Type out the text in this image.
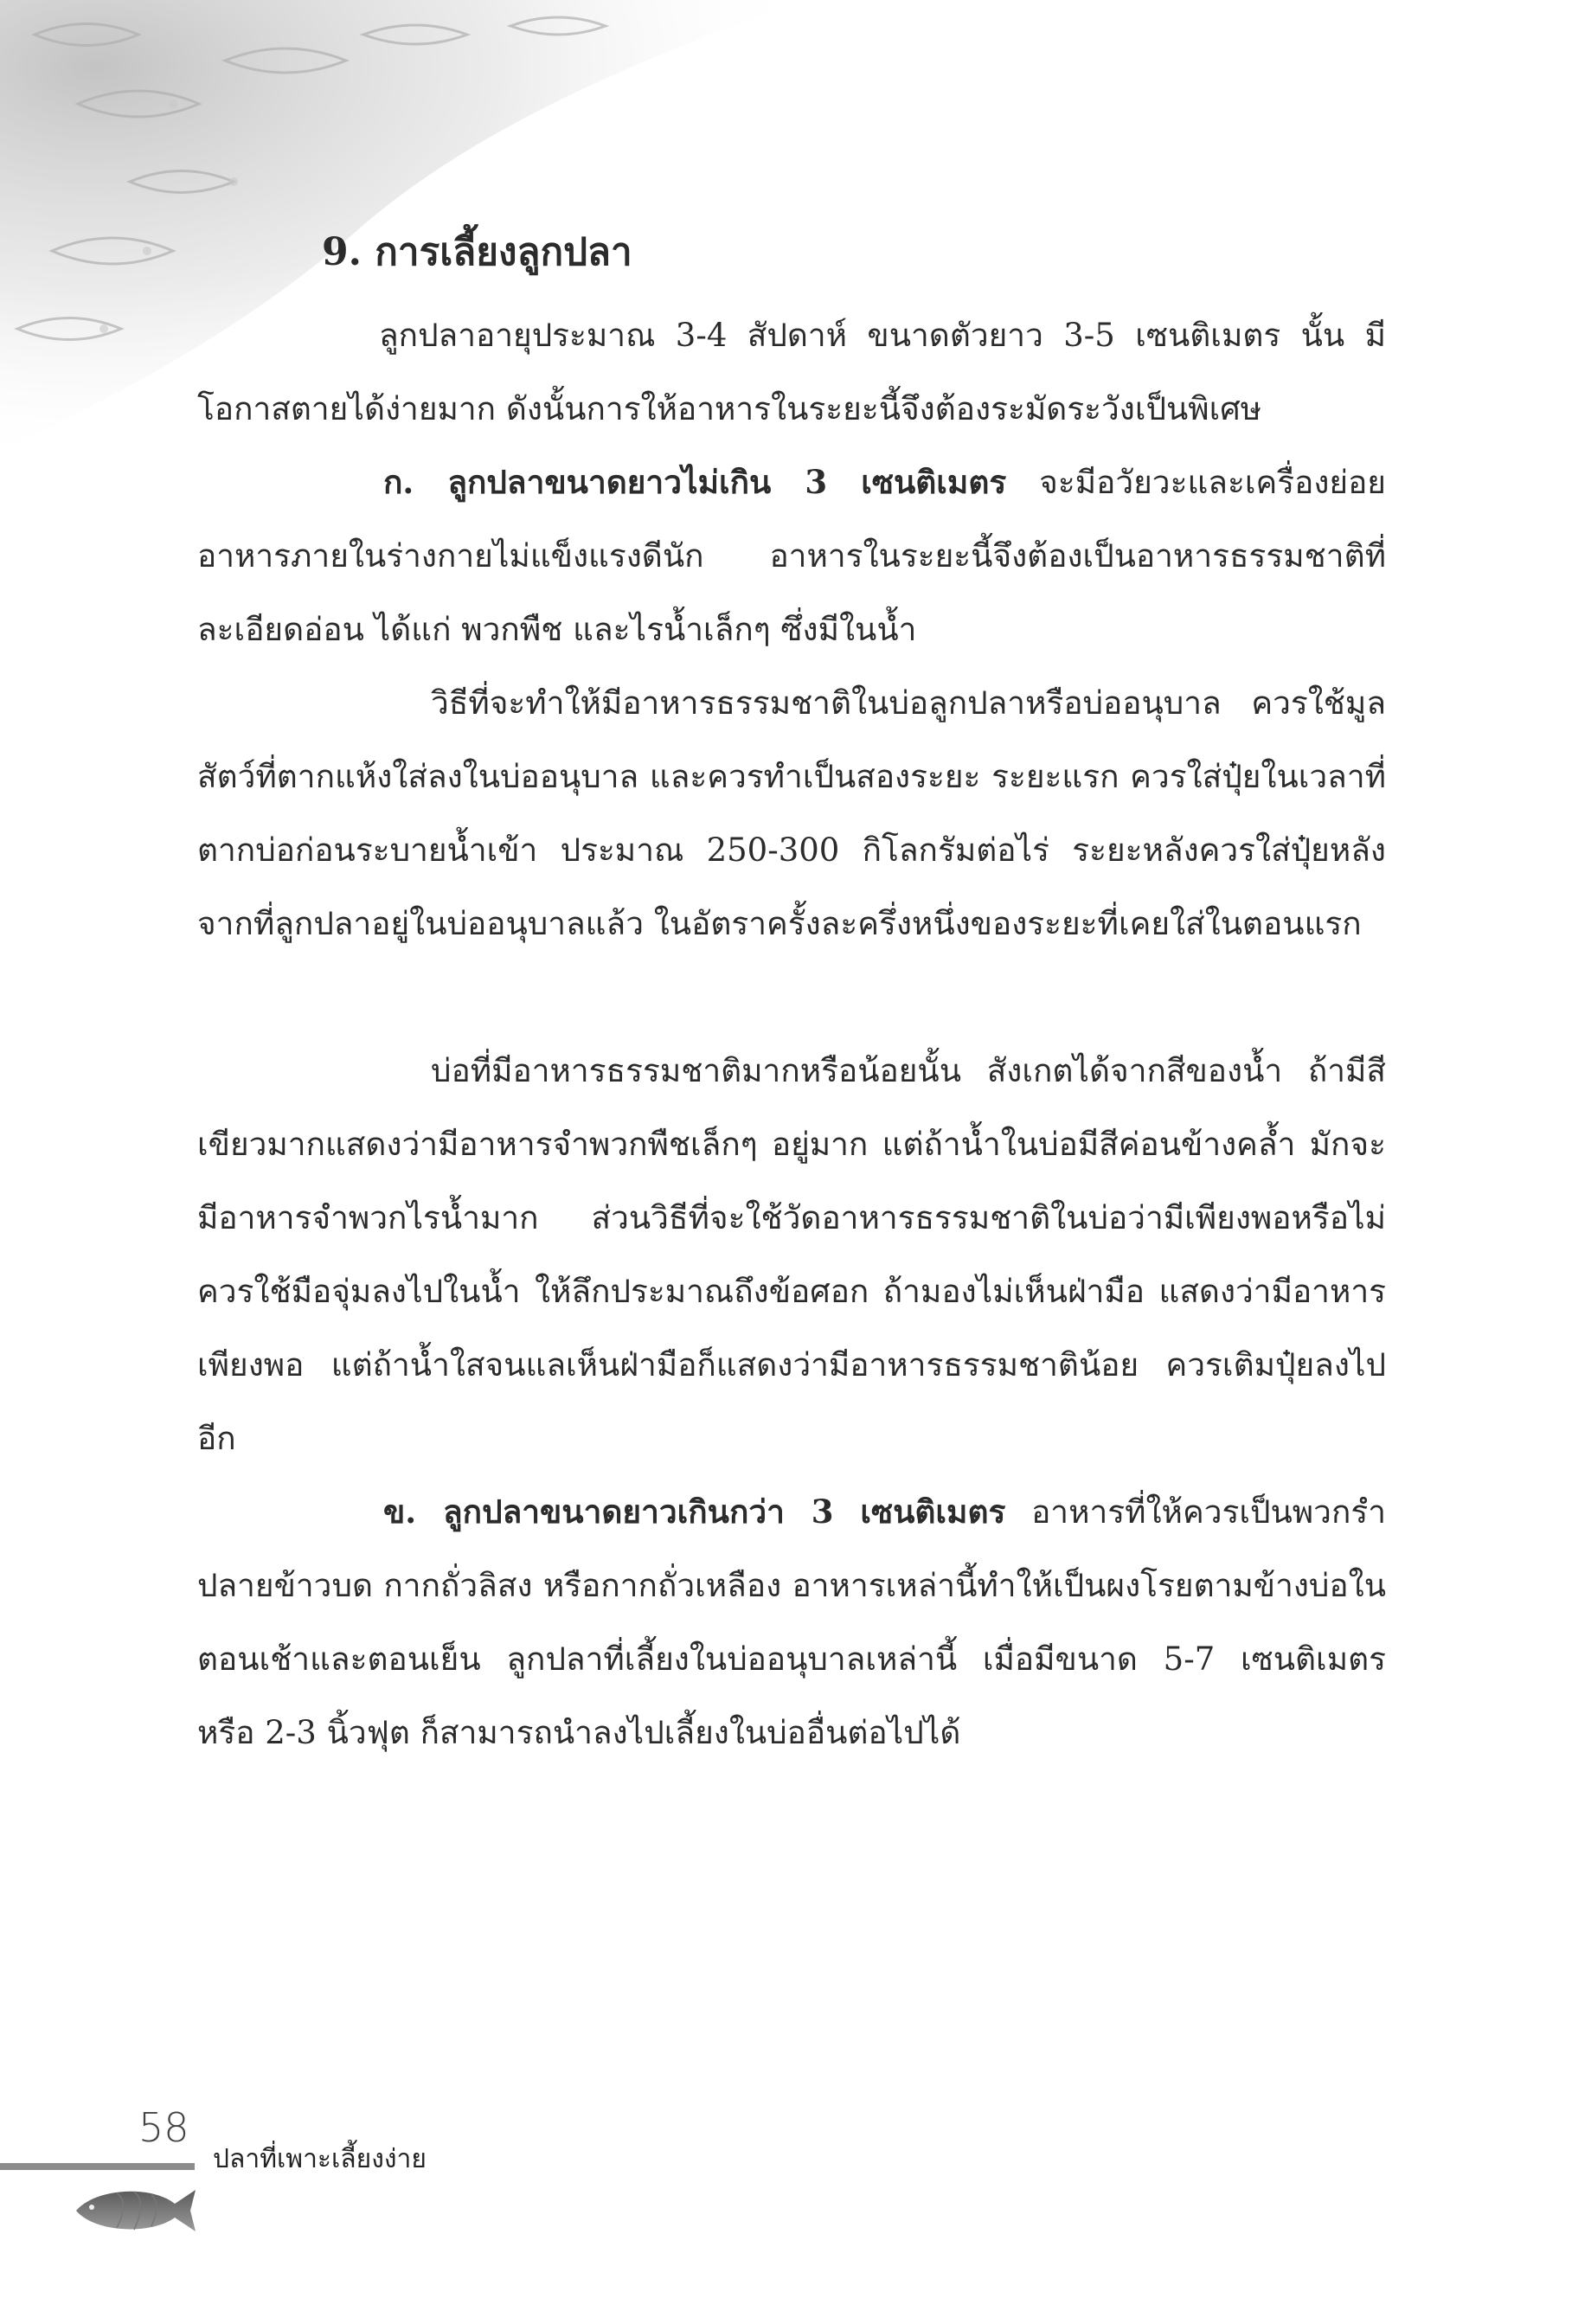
9. การเลี้ยงลูกปลา

ลูกปลาอายุประมาณ 3-4 สัปดาห์ ขนาดตัวยาว 3-5 เซนติเมตร นั้น มีโอกาสตายได้ง่ายมาก ดังนั้นการให้อาหารในระยะนี้จึงต้องระมัดระวังเป็นพิเศษ

ก. ลูกปลาขนาดยาวไม่เกิน 3 เซนติเมตร จะมีอวัยวะและเครื่องย่อยอาหารภายในร่างกายไม่แข็งแรงดีนัก อาหารในระยะนี้จึงต้องเป็นอาหารธรรมชาติที่ละเอียดอ่อน ได้แก่ พวกพืช และไรน้ำเล็กๆ ซึ่งมีในน้ำ

วิธีที่จะทำให้มีอาหารธรรมชาติในบ่อลูกปลาหรือบ่ออนุบาล ควรใช้มูลสัตว์ที่ตากแห้งใส่ลงในบ่ออนุบาล และควรทำเป็นสองระยะ ระยะแรก ควรใส่ปุ๋ยในเวลาที่ตากบ่อก่อนระบายน้ำเข้า ประมาณ 250-300 กิโลกรัมต่อไร่ ระยะหลังควรใส่ปุ๋ยหลังจากที่ลูกปลาอยู่ในบ่ออนุบาลแล้ว ในอัตราครั้งละครึ่งหนึ่งของระยะที่เคยใส่ในตอนแรก

บ่อที่มีอาหารธรรมชาติมากหรือน้อยนั้น สังเกตได้จากสีของน้ำ ถ้ามีสีเขียวมากแสดงว่ามีอาหารจำพวกพืชเล็กๆ อยู่มาก แต่ถ้าน้ำในบ่อมีสีค่อนข้างคล้ำ มักจะมีอาหารจำพวกไรน้ำมาก ส่วนวิธีที่จะใช้วัดอาหารธรรมชาติในบ่อว่ามีเพียงพอหรือไม่ ควรใช้มือจุ่มลงไปในน้ำ ให้ลึกประมาณถึงข้อศอก ถ้ามองไม่เห็นฝ่ามือ แสดงว่ามีอาหารเพียงพอ แต่ถ้าน้ำใสจนแลเห็นฝ่ามือก็แสดงว่ามีอาหารธรรมชาติน้อย ควรเติมปุ๋ยลงไปอีก

ข. ลูกปลาขนาดยาวเกินกว่า 3 เซนติเมตร อาหารที่ให้ควรเป็นพวกรำ ปลายข้าวบด กากถั่วลิสง หรือกากถั่วเหลือง อาหารเหล่านี้ทำให้เป็นผงโรยตามข้างบ่อในตอนเช้าและตอนเย็น ลูกปลาที่เลี้ยงในบ่ออนุบาลเหล่านี้ เมื่อมีขนาด 5-7 เซนติเมตร หรือ 2-3 นิ้วฟุต ก็สามารถนำลงไปเลี้ยงในบ่ออื่นต่อไปได้

58
ปลาที่เพาะเลี้ยงง่าย
